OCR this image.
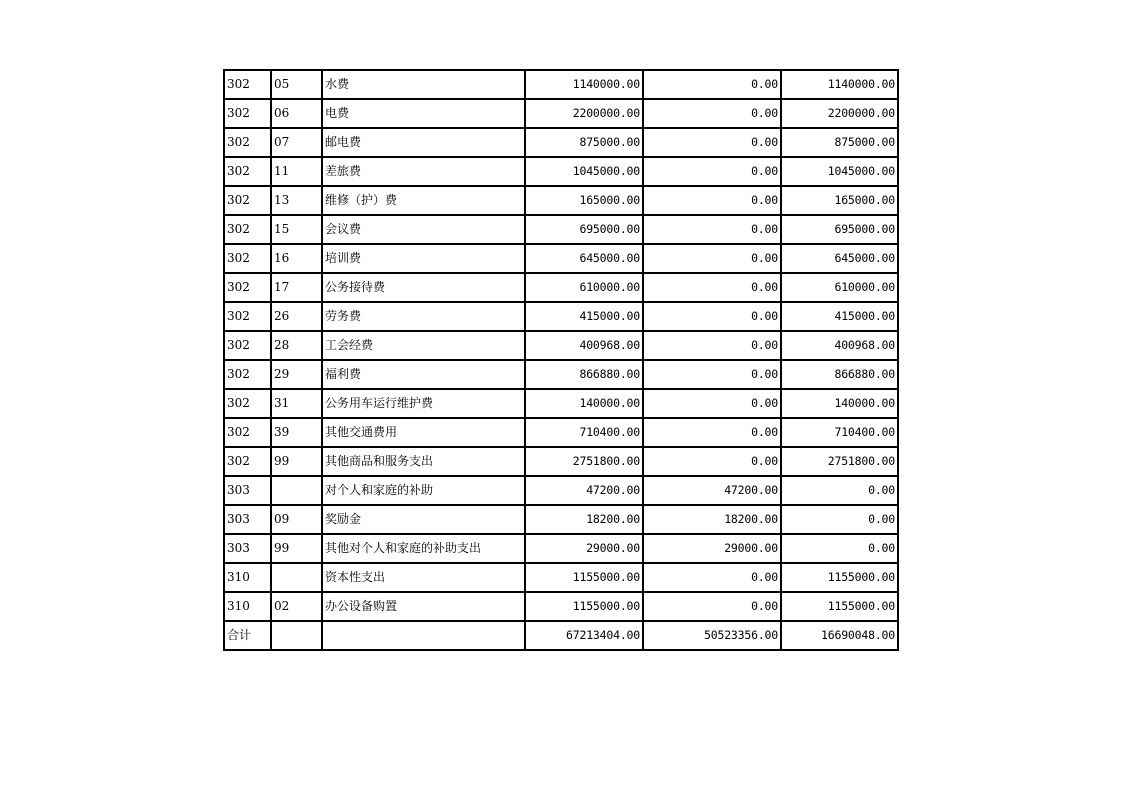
302	05	水费	1140000.00	0.00	1140000.00
302	06	电费	2200000.00	0.00	2200000.00
302	07	邮电费	875000.00	0.00	875000.00
302	11	差旅费	1045000.00	0.00	1045000.00
302	13	维修（护）费	165000.00	0.00	165000.00
302	15	会议费	695000.00	0.00	695000.00
302	16	培训费	645000.00	0.00	645000.00
302	17	公务接待费	610000.00	0.00	610000.00
302	26	劳务费	415000.00	0.00	415000.00
302	28	工会经费	400968.00	0.00	400968.00
302	29	福利费	866880.00	0.00	866880.00
302	31	公务用车运行维护费	140000.00	0.00	140000.00
302	39	其他交通费用	710400.00	0.00	710400.00
302	99	其他商品和服务支出	2751800.00	0.00	2751800.00
303		对个人和家庭的补助	47200.00	47200.00	0.00
303	09	奖励金	18200.00	18200.00	0.00
303	99	其他对个人和家庭的补助支出	29000.00	29000.00	0.00
310		资本性支出	1155000.00	0.00	1155000.00
310	02	办公设备购置	1155000.00	0.00	1155000.00
合计			67213404.00	50523356.00	16690048.00
